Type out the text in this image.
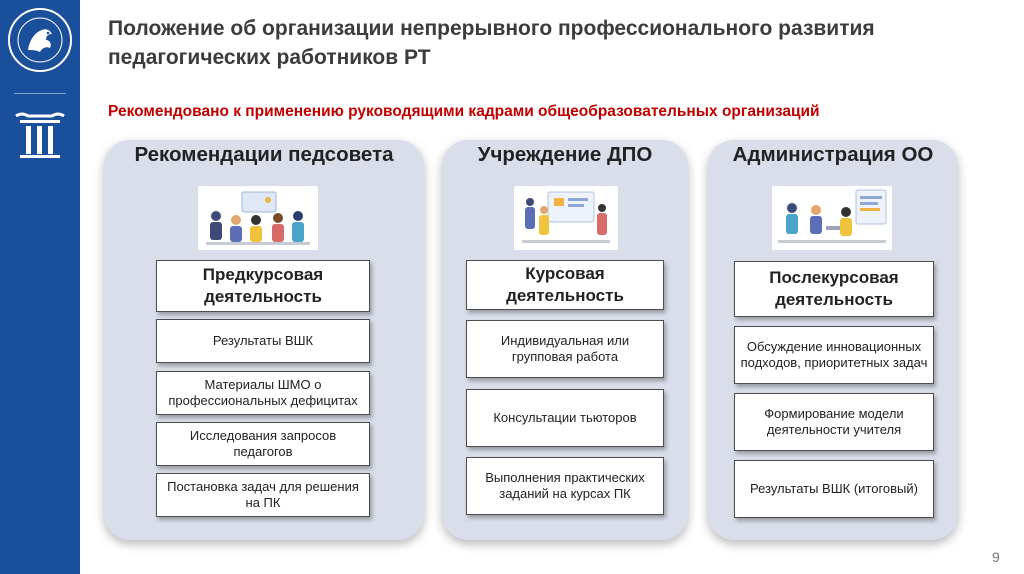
Положение об организации непрерывного профессионального развития педагогических работников РТ
Рекомендовано к применению руководящими кадрами общеобразовательных организаций
Рекомендации педсовета
Предкурсовая деятельность
Результаты ВШК
Материалы ШМО о профессиональных дефицитах
Исследования запросов педагогов
Постановка задач для решения на ПК
Учреждение ДПО
Курсовая деятельность
Индивидуальная или групповая работа
Консультации тьюторов
Выполнения практических заданий на курсах ПК
Администрация ОО
Послекурсовая деятельность
Обсуждение инновационных подходов, приоритетных задач
Формирование модели деятельности учителя
Результаты ВШК (итоговый)
9
